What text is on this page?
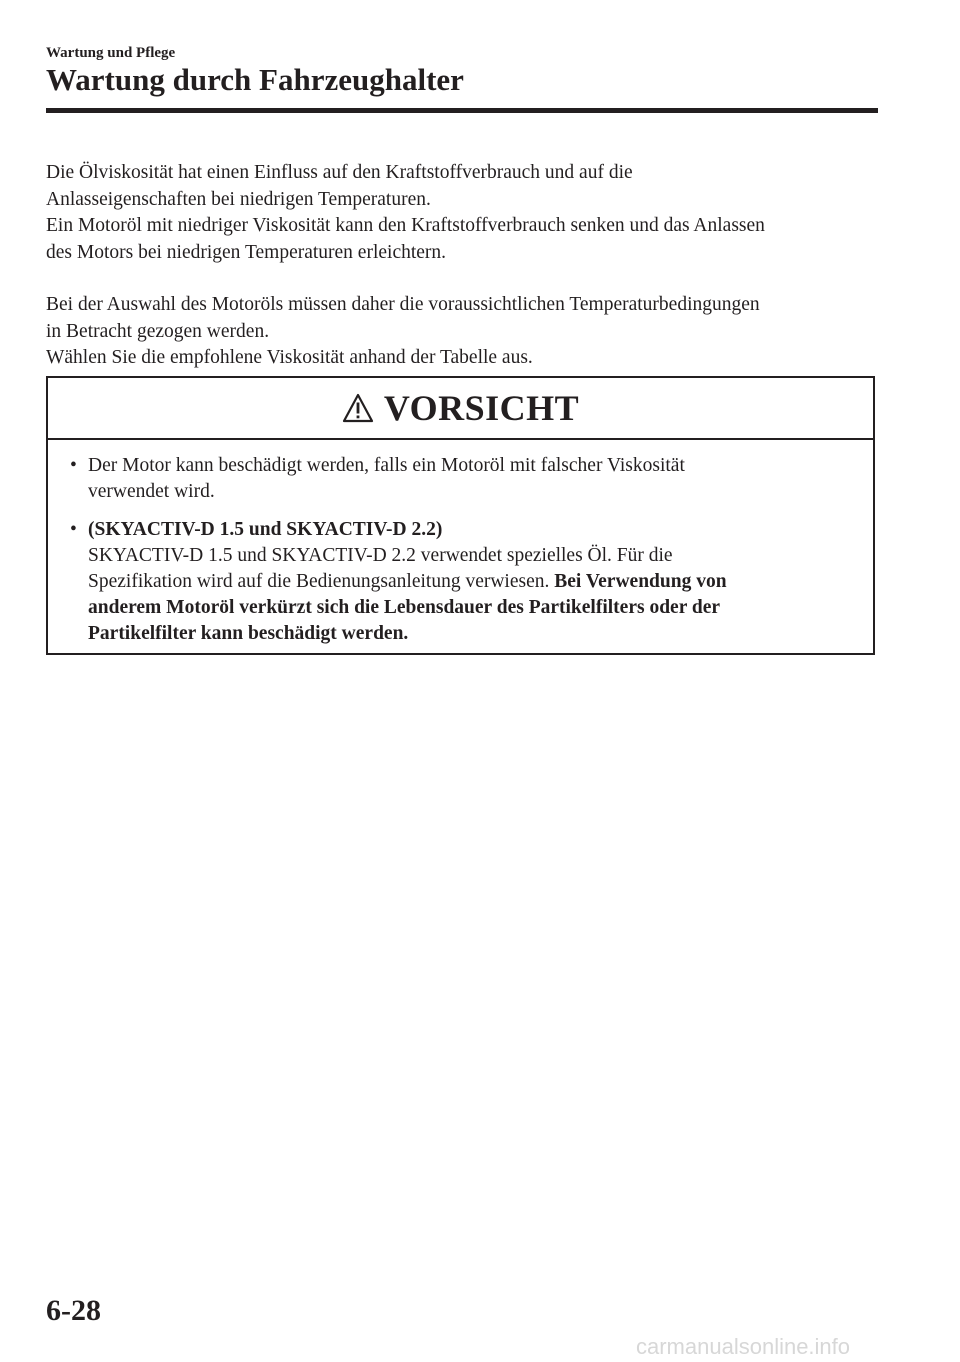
Wartung und Pflege
Wartung durch Fahrzeughalter

Die Ölviskosität hat einen Einfluss auf den Kraftstoffverbrauch und auf die
Anlasseigenschaften bei niedrigen Temperaturen.
Ein Motoröl mit niedriger Viskosität kann den Kraftstoffverbrauch senken und das Anlassen
des Motors bei niedrigen Temperaturen erleichtern.

Bei der Auswahl des Motoröls müssen daher die voraussichtlichen Temperaturbedingungen
in Betracht gezogen werden.
Wählen Sie die empfohlene Viskosität anhand der Tabelle aus.

VORSICHT
• Der Motor kann beschädigt werden, falls ein Motoröl mit falscher Viskosität
verwendet wird.
• (SKYACTIV-D 1.5 und SKYACTIV-D 2.2)
SKYACTIV-D 1.5 und SKYACTIV-D 2.2 verwendet spezielles Öl. Für die
Spezifikation wird auf die Bedienungsanleitung verwiesen. Bei Verwendung von
anderem Motoröl verkürzt sich die Lebensdauer des Partikelfilters oder der
Partikelfilter kann beschädigt werden.
6-28
carmanualsonline.info
